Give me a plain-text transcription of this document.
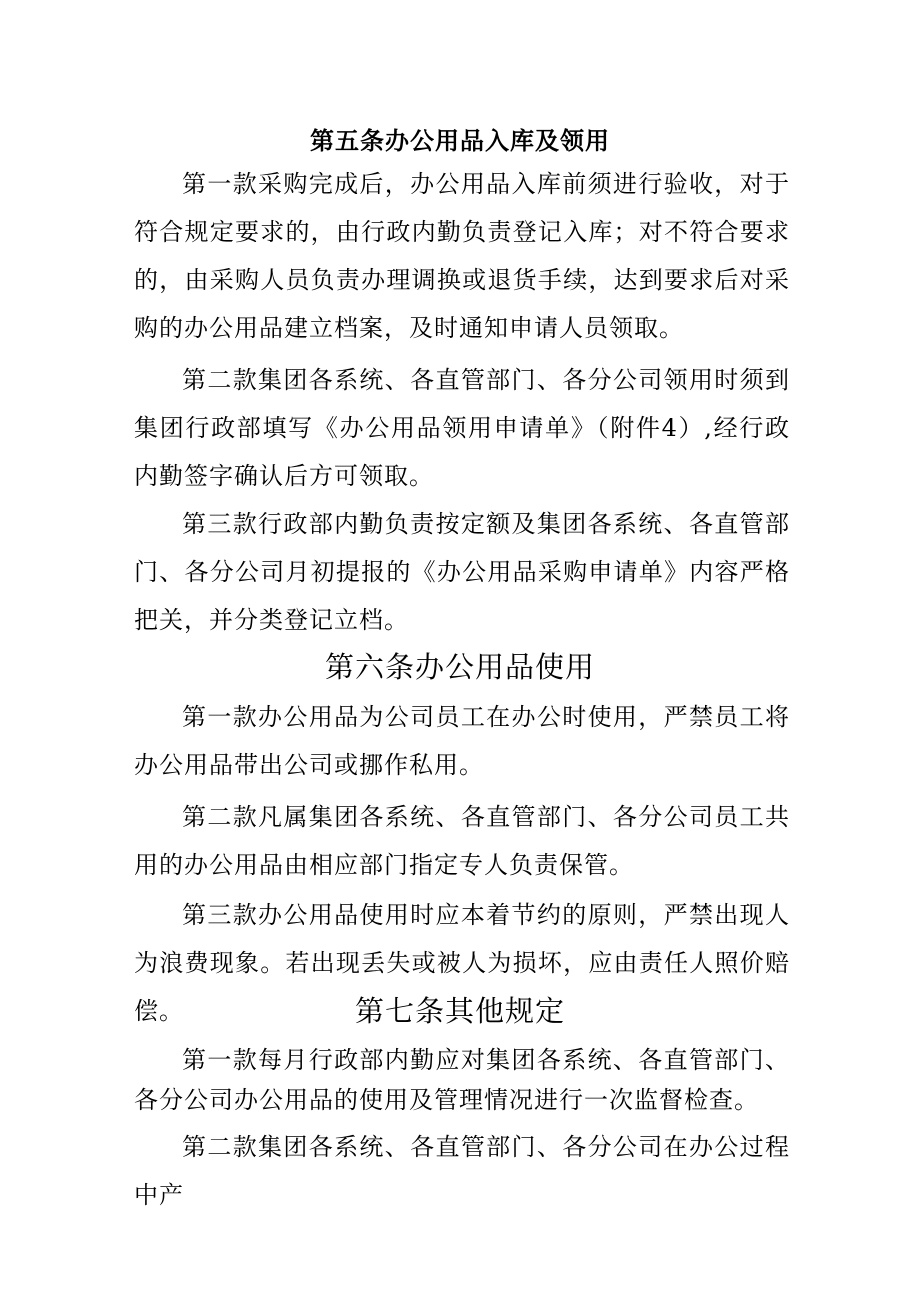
第五条办公用品入库及领用
第一款采购完成后，办公用品入库前须进行验收，对于符合规定要求的，由行政内勤负责登记入库；对不符合要求的，由采购人员负责办理调换或退货手续，达到要求后对采购的办公用品建立档案，及时通知申请人员领取。
第二款集团各系统、各直管部门、各分公司领用时须到集团行政部填写《办公用品领用申请单》（附件4）,经行政内勤签字确认后方可领取。
第三款行政部内勤负责按定额及集团各系统、各直管部门、各分公司月初提报的《办公用品采购申请单》内容严格把关，并分类登记立档。
第六条办公用品使用
第一款办公用品为公司员工在办公时使用，严禁员工将办公用品带出公司或挪作私用。
第二款凡属集团各系统、各直管部门、各分公司员工共用的办公用品由相应部门指定专人负责保管。
第三款办公用品使用时应本着节约的原则，严禁出现人为浪费现象。若出现丢失或被人为损坏，应由责任人照价赔偿。	第七条其他规定
第一款每月行政部内勤应对集团各系统、各直管部门、各分公司办公用品的使用及管理情况进行一次监督检查。
第二款集团各系统、各直管部门、各分公司在办公过程中产
